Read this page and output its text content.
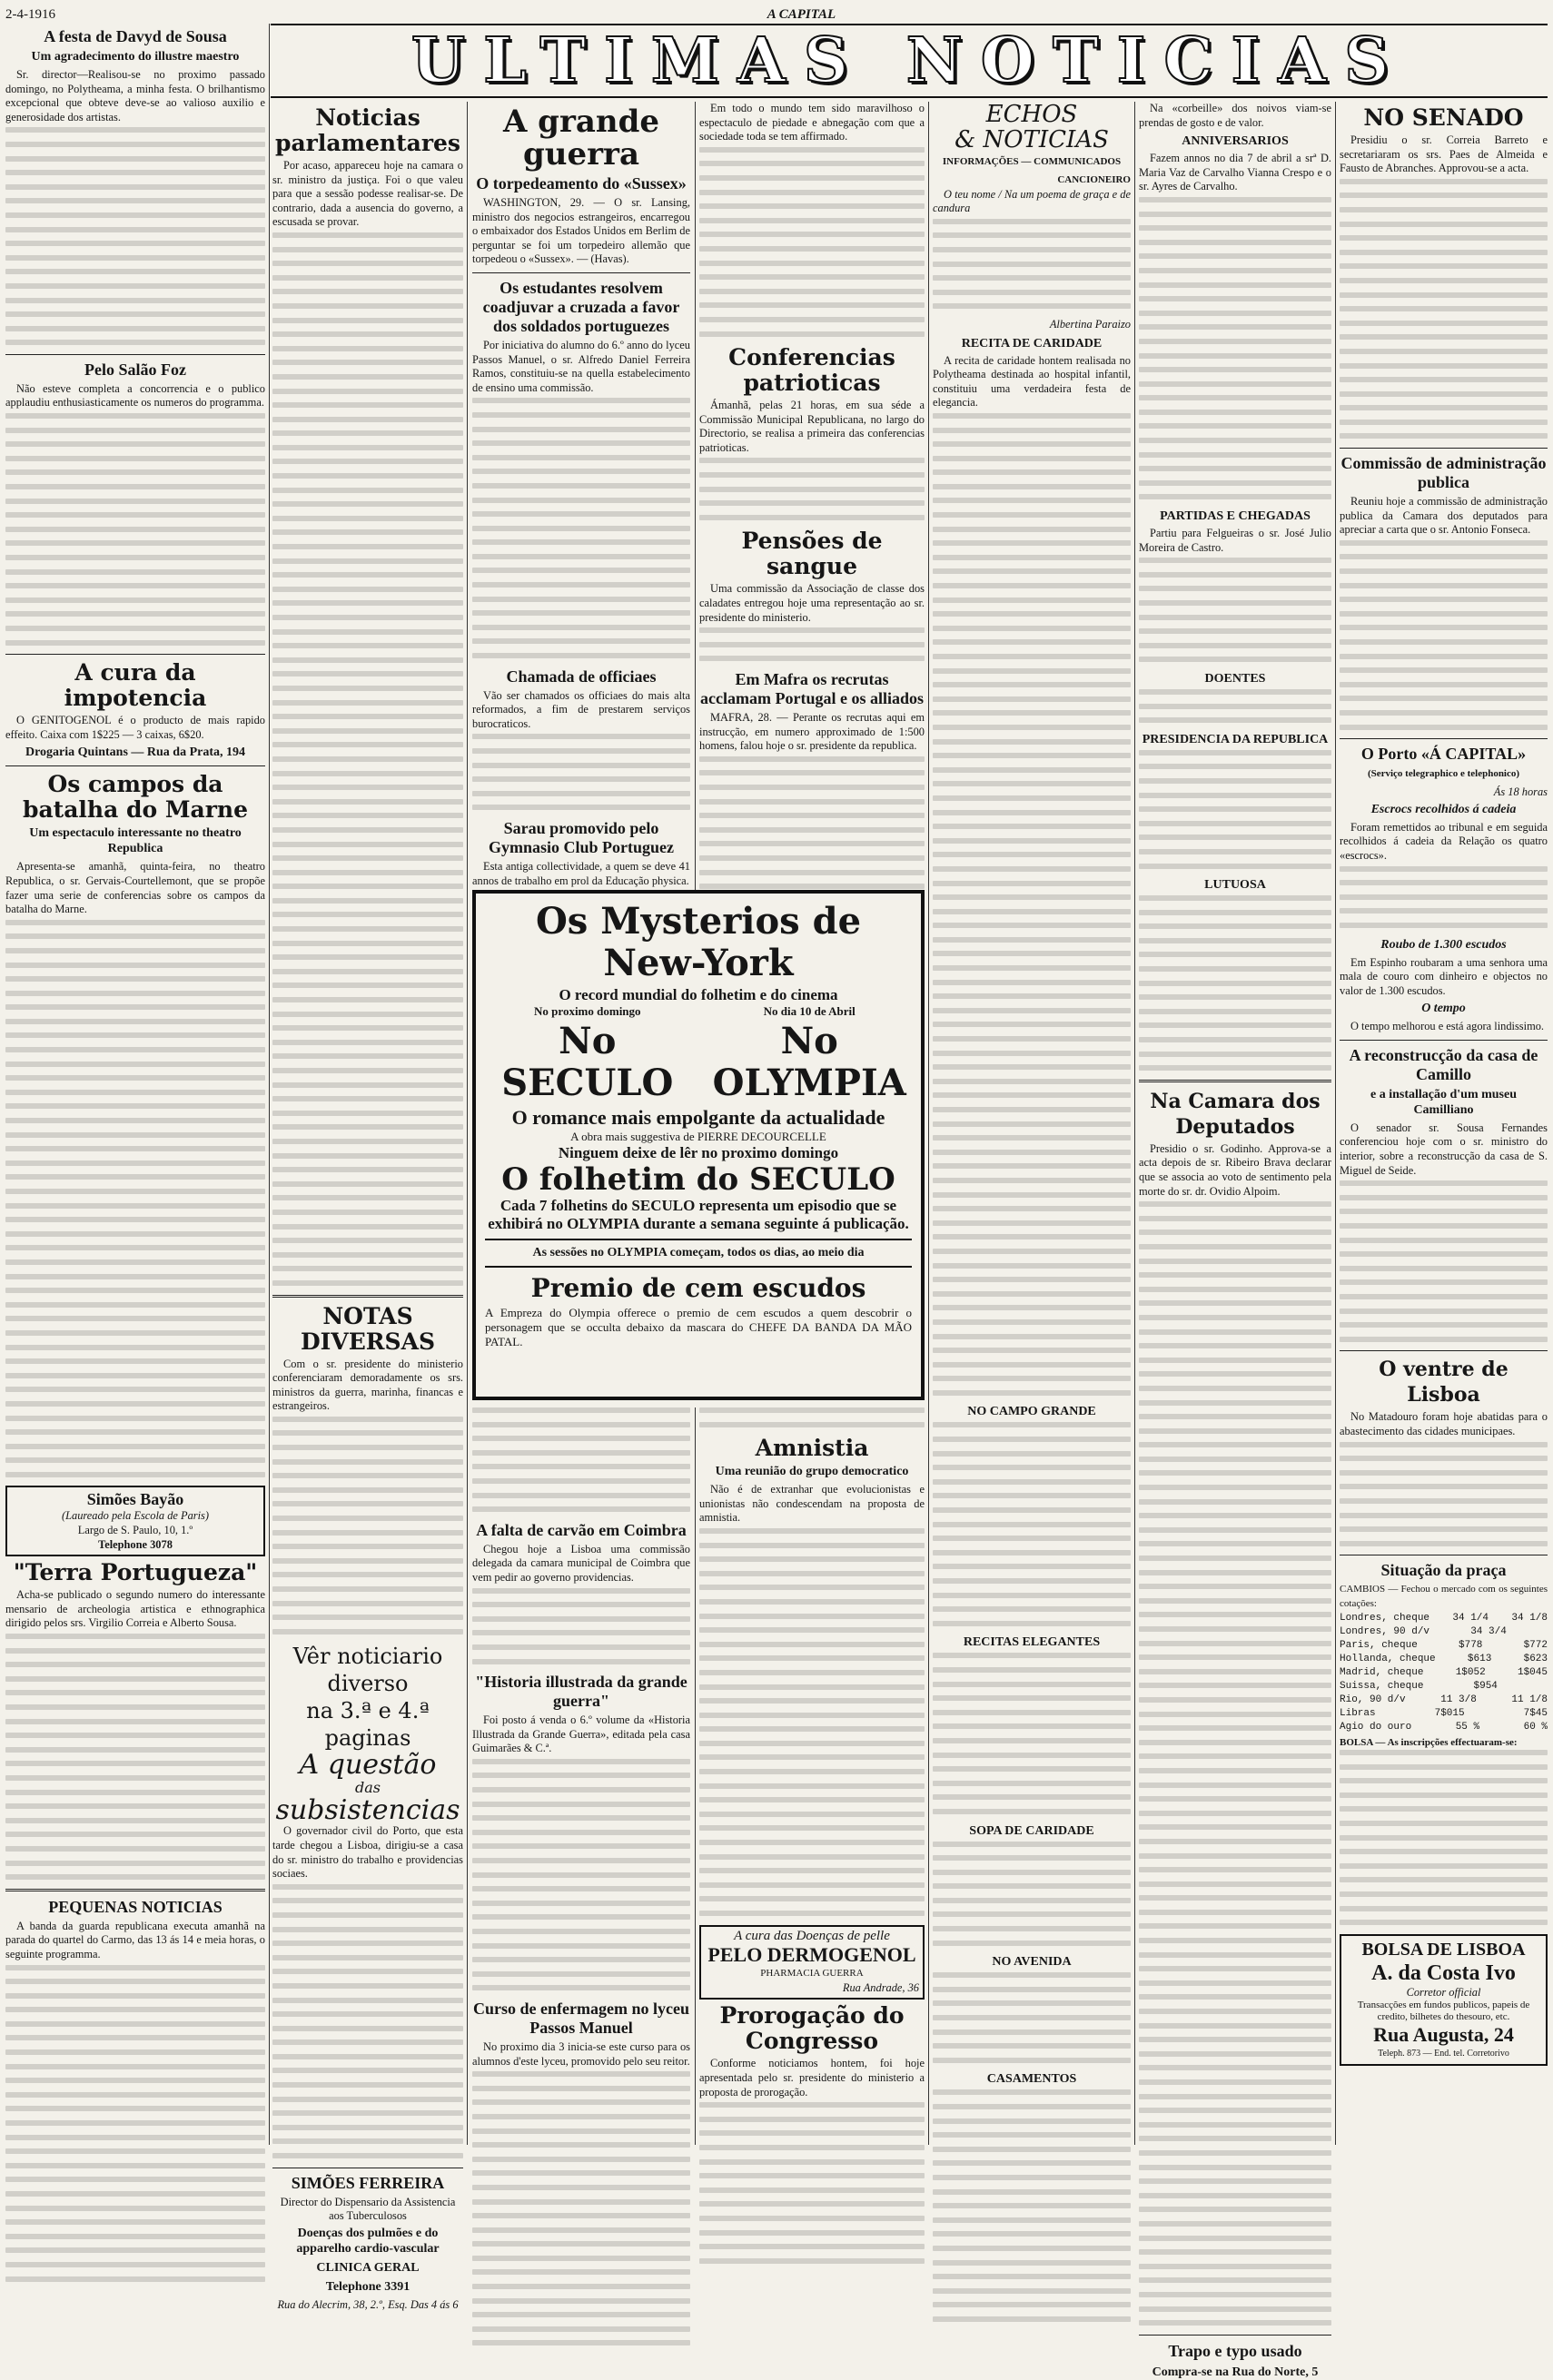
2-4-1916	A CAPITAL
ULTIMAS NOTICIAS
A festa de Davyd de Sousa
Um agradecimento do illustre maestro

Sr. director—Realisou-se no proximo passado domingo, no Polytheama, a minha festa. O brilhantismo excepcional que obteve deve-se ao valioso auxilio e generosidade dos artistas.

Pelo Salão Foz

Não esteve completa a concorrencia e o publico applaudiu enthusiasticamente os numeros do programma.

A cura da impotencia

O GENITOGENOL é o producto de mais rapido effeito. Caixa com 1$225 — 3 caixas, 6$20.

Drogaria Quintans — Rua da Prata, 194
Os campos da batalha do Marne
Um espectaculo interessante no theatro Republica

Apresenta-se amanhã, quinta-feira, no theatro Republica, o sr. Gervais-Courtellemont, que se propõe fazer uma serie de conferencias sobre os campos da batalha do Marne.

Simões Bayão
(Laureado pela Escola de Paris)
Largo de S. Paulo, 10, 1.º
Telephone 3078
"Terra Portugueza"

Acha-se publicado o segundo numero do interessante mensario de archeologia artistica e ethnographica dirigido pelos srs. Virgilio Correia e Alberto Sousa.

PEQUENAS NOTICIAS

A banda da guarda republicana executa amanhã na parada do quartel do Carmo, das 13 ás 14 e meia horas, o seguinte programma.

Noticias parlamentares

Por acaso, appareceu hoje na camara o sr. ministro da justiça. Foi o que valeu para que a sessão podesse realisar-se. De contrario, dada a ausencia do governo, a escusada se provar.

NOTAS DIVERSAS

Com o sr. presidente do ministerio conferenciaram demoradamente os srs. ministros da guerra, marinha, financas e estrangeiros.

Vêr noticiario
diverso
na 3.ª e 4.ª paginas
A questão
das
subsistencias

O governador civil do Porto, que esta tarde chegou a Lisboa, dirigiu-se a casa do sr. ministro do trabalho e providencias sociaes.

SIMÕES FERREIRA
Director do Dispensario da Assistencia aos Tuberculosos
Doenças dos pulmões e do apparelho cardio-vascular
CLINICA GERAL
Telephone 3391
Rua do Alecrim, 38, 2.º, Esq. Das 4 ás 6
A grande guerra
O torpedeamento do «Sussex»

WASHINGTON, 29. — O sr. Lansing, ministro dos negocios estrangeiros, encarregou o embaixador dos Estados Unidos em Berlim de perguntar se foi um torpedeiro allemão que torpedeou o «Sussex». — (Havas).

Os estudantes resolvem coadjuvar a cruzada a favor dos soldados portuguezes

Por iniciativa do alumno do 6.º anno do lyceu Passos Manuel, o sr. Alfredo Daniel Ferreira Ramos, constituiu-se na quella estabelecimento de ensino uma commissão.

Chamada de officiaes

Vão ser chamados os officiaes do mais alta reformados, a fim de prestarem serviços burocraticos.

Sarau promovido pelo Gymnasio Club Portuguez

Esta antiga collectividade, a quem se deve 41 annos de trabalho em prol da Educação physica.

Em todo o mundo tem sido maravilhoso o espectaculo de piedade e abnegação com que a sociedade toda se tem affirmado.

Conferencias patrioticas

Ámanhã, pelas 21 horas, em sua séde a Commissão Municipal Republicana, no largo do Directorio, se realisa a primeira das conferencias patrioticas.

Pensões de sangue

Uma commissão da Associação de classe dos caladates entregou hoje uma representação ao sr. presidente do ministerio.

Em Mafra os recrutas acclamam Portugal e os alliados

MAFRA, 28. — Perante os recrutas aqui em instrucção, em numero approximado de 1:500 homens, falou hoje o sr. presidente da republica.

Os Mysterios de New-York
O record mundial do folhetim e do cinema
No proximo domingo	No dia 10 de Abril
No SECULO
No OLYMPIA
O romance mais empolgante da actualidade
A obra mais suggestiva de PIERRE DECOURCELLE
Ninguem deixe de lêr no proximo domingo
O folhetim do SECULO
Cada 7 folhetins do SECULO representa um episodio que se exhibirá no OLYMPIA durante a semana seguinte á publicação.
As sessões no OLYMPIA começam, todos os dias, ao meio dia
Premio de cem escudos
A Empreza do Olympia offerece o premio de cem escudos a quem descobrir o personagem que se occulta debaixo da mascara do CHEFE DA BANDA DA MÃO PATAL.
A falta de carvão em Coimbra

Chegou hoje a Lisboa uma commissão delegada da camara municipal de Coimbra que vem pedir ao governo providencias.

"Historia illustrada da grande guerra"

Foi posto á venda o 6.º volume da «Historia Illustrada da Grande Guerra», editada pela casa Guimarães & C.ª.

Curso de enfermagem no lyceu Passos Manuel

No proximo dia 3 inicia-se este curso para os alumnos d'este lyceu, promovido pelo seu reitor.

Amnistia
Uma reunião do grupo democratico

Não é de extranhar que evolucionistas e unionistas não condescendam na proposta de amnistia.

A cura das Doenças de pelle
PELO DERMOGENOL
PHARMACIA GUERRA
Rua Andrade, 36
Prorogação do Congresso

Conforme noticiamos hontem, foi hoje apresentada pelo sr. presidente do ministerio a proposta de prorogação.

ECHOS
& NOTICIAS
INFORMAÇÕES — COMMUNICADOS
CANCIONEIRO

O teu nome / Na um poema de graça e de candura

Albertina Paraizo
RECITA DE CARIDADE

A recita de caridade hontem realisada no Polytheama destinada ao hospital infantil, constituiu uma verdadeira festa de elegancia.

NO CAMPO GRANDE
RECITAS ELEGANTES
SOPA DE CARIDADE
NO AVENIDA
CASAMENTOS

Na «corbeille» dos noivos viam-se prendas de gosto e de valor.

ANNIVERSARIOS

Fazem annos no dia 7 de abril a srª D. Maria Vaz de Carvalho Vianna Crespo e o sr. Ayres de Carvalho.

PARTIDAS E CHEGADAS

Partiu para Felgueiras o sr. José Julio Moreira de Castro.

DOENTES
PRESIDENCIA DA REPUBLICA
LUTUOSA
Na Camara dos Deputados

Presidio o sr. Godinho. Approva-se a acta depois de sr. Ribeiro Brava declarar que se associa ao voto de sentimento pela morte do sr. dr. Ovidio Alpoim.

Trapo e typo usado
Compra-se na Rua do Norte, 5
NO SENADO

Presidiu o sr. Correia Barreto e secretariaram os srs. Paes de Almeida e Fausto de Abranches. Approvou-se a acta.

Commissão de administração publica

Reuniu hoje a commissão de administração publica da Camara dos deputados para apreciar a carta que o sr. Antonio Fonseca.

O Porto «Á CAPITAL»
(Serviço telegraphico e telephonico)
Ás 18 horas
Escrocs recolhidos á cadeia

Foram remettidos ao tribunal e em seguida recolhidos á cadeia da Relação os quatro «escrocs».

Roubo de 1.300 escudos

Em Espinho roubaram a uma senhora uma mala de couro com dinheiro e objectos no valor de 1.300 escudos.

O tempo

O tempo melhorou e está agora lindissimo.

A reconstrucção da casa de Camillo
e a installação d'um museu Camilliano

O senador sr. Sousa Fernandes conferenciou hoje com o sr. ministro do interior, sobre a reconstrucção da casa de S. Miguel de Seide.

O ventre de Lisboa

No Matadouro foram hoje abatidas para o abastecimento das cidades municipaes.

Situação da praça
CAMBIOS — Fechou o mercado com os seguintes cotações:
Londres, cheque 34 1/4 34 1/8
Londres, 90 d/v	34 3/4
Paris, cheque	$778	$772
Hollanda, cheque	$613	$623
Madrid, cheque	1$052	1$045
Suissa, cheque	$954
Rio, 90 d/v	11 3/8	11 1/8
Libras	7$015	7$45
Agio do ouro	55 %	60 %
BOLSA — As inscripções effectuaram-se:
BOLSA DE LISBOA
A. da Costa Ivo
Corretor official
Transacções em fundos publicos, papeis de credito, bilhetes do thesouro, etc.
Rua Augusta, 24
Teleph. 873 — End. tel. Corretorivo
